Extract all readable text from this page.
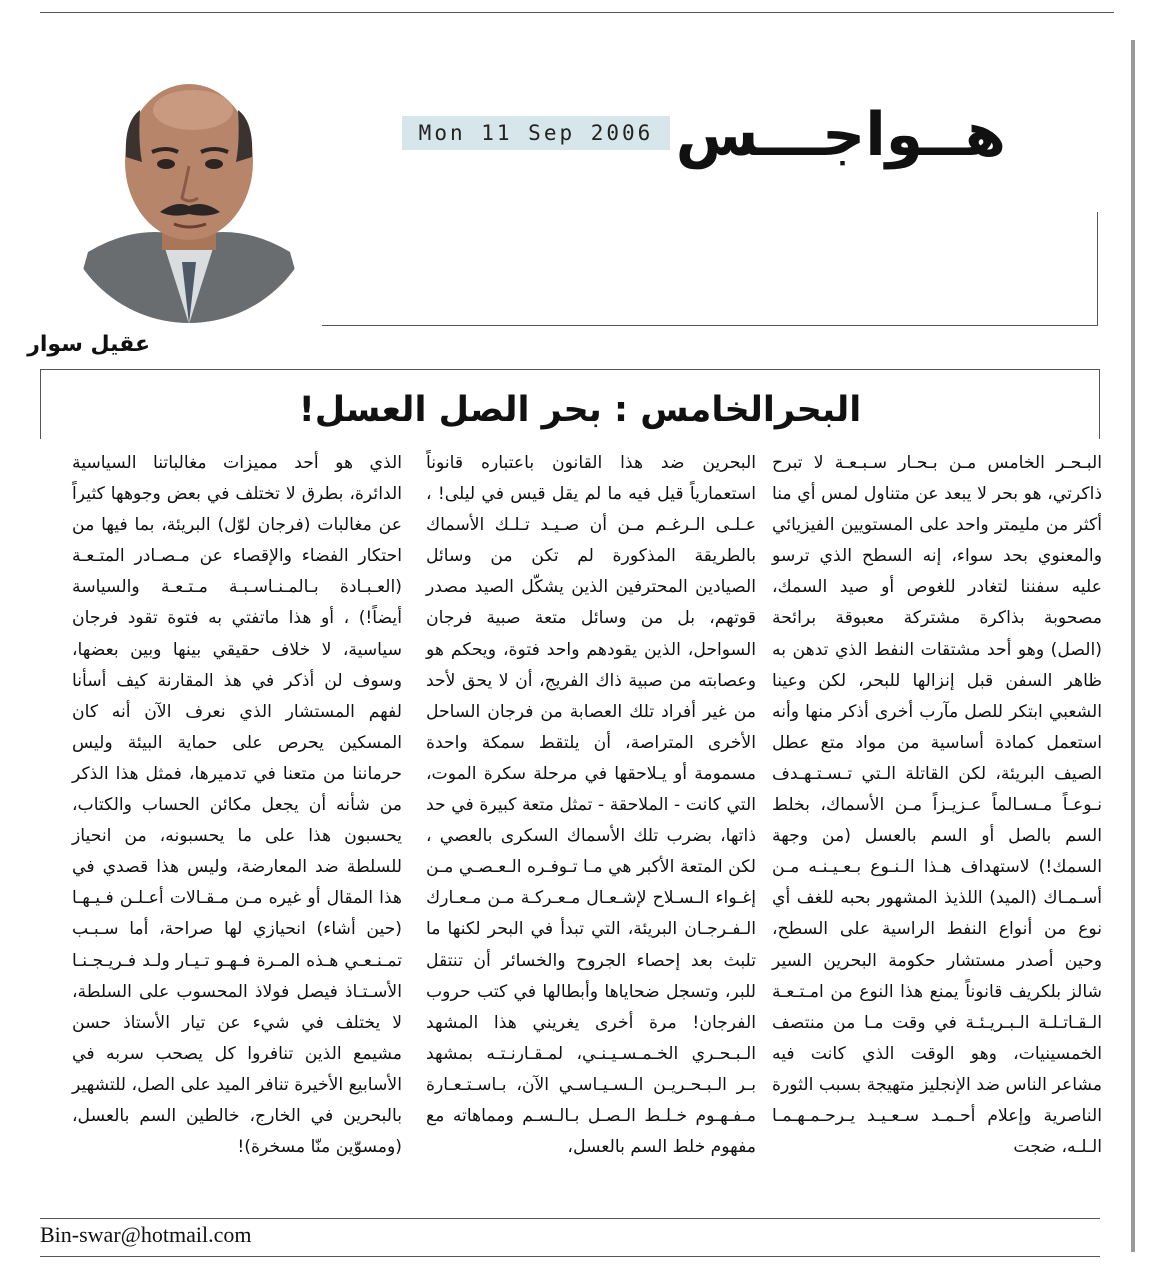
عقيل سوار
Mon 11 Sep 2006 هــواجـــس
البحرالخامس : بحر الصل العسل!

البـحـر الخامس مـن بـحـار سـبـعـة لا تبرح ذاكرتي، هو بحر لا يبعد عن متناول لمس أي منا أكثر من مليمتر واحد على المستويين الفيزيائي والمعنوي بحد سواء، إنه السطح الذي ترسو عليه سفننا لتغادر للغوص أو صيد السمك، مصحوبة بذاكرة مشتركة معبوقة برائحة (الصل) وهو أحد مشتقات النفط الذي تدهن به ظاهر السفن قبل إنزالها للبحر، لكن وعينا الشعبي ابتكر للصل مآرب أخرى أذكر منها وأنه استعمل كمادة أساسية من مواد متع عطل الصيف البريئة، لكن القاتلة الـتي تـسـتـهـدف نـوعـاً مـسـالماً عـزيـزاً مـن الأسماك، بخلط السم بالصل أو السم بالعسل (من وجهة السمك!) لاستهداف هـذا الـنـوع بـعـيـنـه مـن أسـمـاك (الميد) اللذيذ المشهور بحبه للغف أي نوع من أنواع النفط الراسية على السطح، وحين أصدر مستشار حكومة البحرين السير شالز بلكريف قانوناً يمنع هذا النوع من امـتـعـة الـقـاتـلـة الـبـريـئـة في وقت مـا من منتصف الخمسينيات، وهو الوقت الذي كانت فيه مشاعر الناس ضد الإنجليز متهيجة بسبب الثورة الناصرية وإعلام أحـمـد سـعـيـد يـرحـمـهـمـا الـلـه، ضجت

البحرين ضد هذا القانون باعتباره قانوناً استعمارياً قيل فيه ما لم يقل قيس في ليلى! ، عـلـى الـرغـم مـن أن صـيـد تـلـك الأسماك بالطريقة المذكورة لم تكن من وسائل الصيادين المحترفين الذين يشكّل الصيد مصدر قوتهم، بل من وسائل متعة صبية فرجان السواحل، الذين يقودهم واحد فتوة، ويحكم هو وعصابته من صبية ذاك الفريج، أن لا يحق لأحد من غير أفراد تلك العصابة من فرجان الساحل الأخرى المتراصة، أن يلتقط سمكة واحدة مسمومة أو يـلاحقها في مرحلة سكرة الموت، التي كانت - الملاحقة - تمثل متعة كبيرة في حد ذاتها، بضرب تلك الأسماك السكرى بالعصي ، لكن المتعة الأكبر هي مـا تـوفـره الـعـصـي مـن إغـواء الـسـلاح لإشـعـال مـعـركـة مـن مـعـارك الـفـرجـان البريئة، التي تبدأ في البحر لكنها ما تلبث بعد إحصاء الجروح والخسائر أن تنتقل للبر، وتسجل ضحاياها وأبطالها في كتب حروب الفرجان! مرة أخرى يغريني هذا المشهد الـبـحـري الخـمـسـيـنـي، لمـقـارنـتـه بمشهد بـر الـبـحـريـن الـسـيـاسـي الآن، بـاسـتـعـارة مـفـهـوم خـلـط الـصـل بـالـسـم ومماهاته مع مفهوم خلط السم بالعسل،

الذي هو أحد مميزات مغالباتنا السياسية الدائرة، بطرق لا تختلف في بعض وجوهها كثيراً عن مغالبات (فرجان لوّل) البريئة، بما فيها من احتكار الفضاء والإقصاء عن مـصـادر المتـعـة (العـبـادة بـالمـنـاسـبـة مـتـعـة والسياسة أيضاً!) ، أو هذا ماتفتي به فتوة تقود فرجان سياسية، لا خلاف حقيقي بينها وبين بعضها، وسوف لن أذكر في هذ المقارنة كيف أسأنا لفهم المستشار الذي نعرف الآن أنه كان المسكين يحرص على حماية البيئة وليس حرماننا من متعنا في تدميرها، فمثل هذا الذكر من شأنه أن يجعل مكائن الحساب والكتاب، يحسبون هذا على ما يحسبونه، من انحياز للسلطة ضد المعارضة، وليس هذا قصدي في هذا المقال أو غيره مـن مـقـالات أعـلـن فـيـهـا (حين أشاء) انحيازي لها صراحة، أما سـبـب تمـنـعـي هـذه المـرة فـهـو تـيـار ولـد فـريـجـنـا الأسـتـاذ فيصل فولاذ المحسوب على السلطة، لا يختلف في شيء عن تيار الأستاذ حسن مشيمع الذين تنافروا كل يصحب سربه في الأسابيع الأخيرة تنافر الميد على الصل، للتشهير بالبحرين في الخارج، خالطين السم بالعسل، (ومسوّين منّا مسخرة)!

Bin-swar@hotmail.com
